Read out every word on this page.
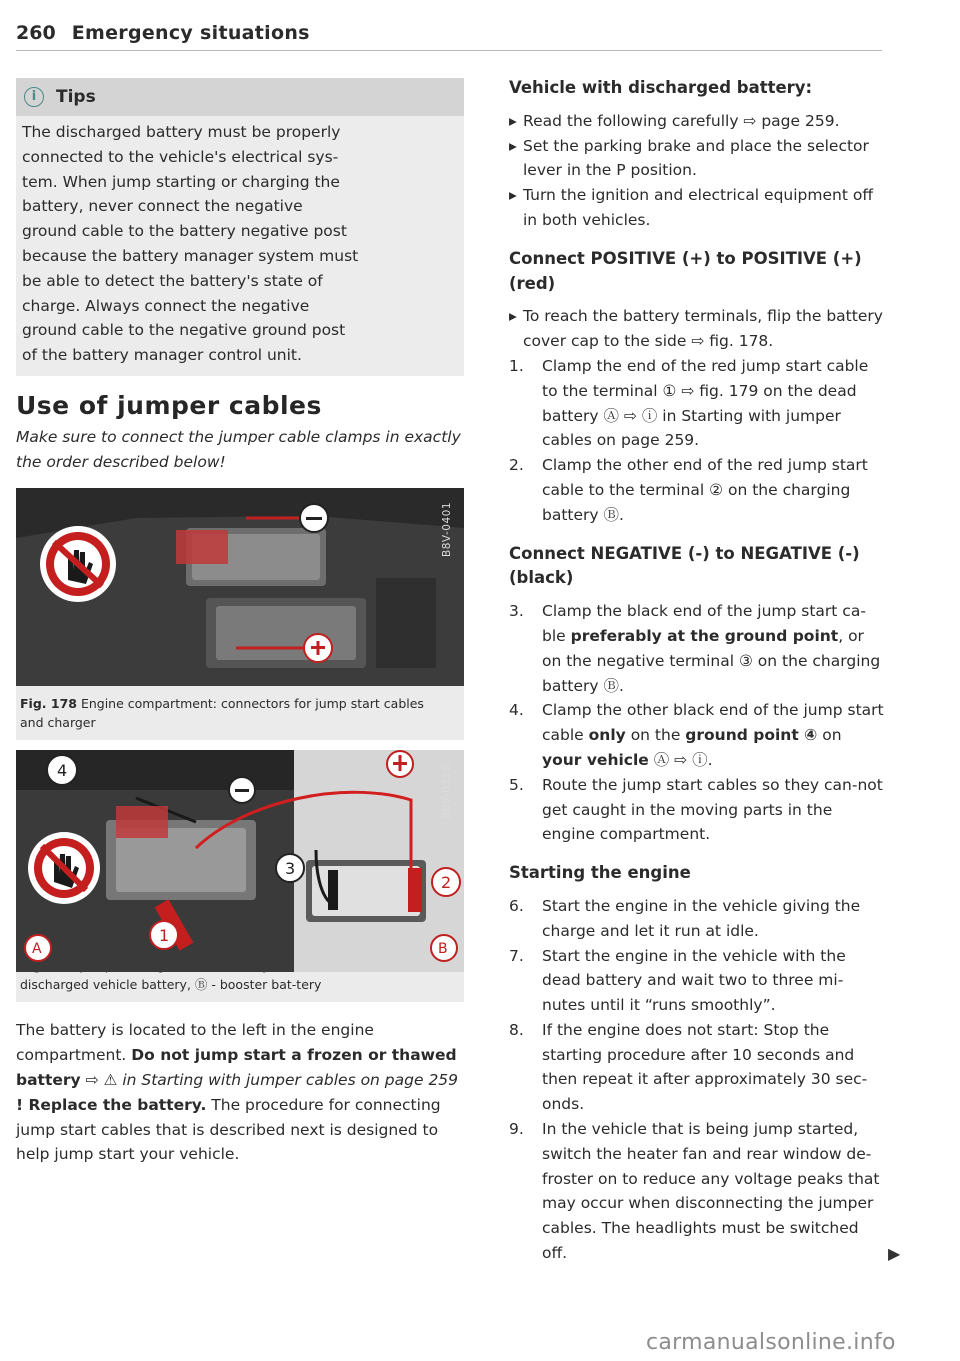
260 Emergency situations
i	Tips
The discharged battery must be properly
connected to the vehicle's electrical sys-
tem. When jump starting or charging the
battery, never connect the negative
ground cable to the battery negative post
because the battery manager system must
be able to detect the battery's state of
charge. Always connect the negative
ground cable to the negative ground post
of the battery manager control unit.
Use of jumper cables

Make sure to connect the jumper cable clamps in exactly the order described below!

B8V-0401
Fig. 178 Engine compartment: connectors for jump start cables and charger
3
2
4
1
A	B
B8V-0118
discharged vehicle battery, Ⓑ - booster bat-tery
The battery is located to the left in the engine compartment. Do not jump start a frozen or thawed battery ⇨ ⚠ in Starting with jumper cables on page 259 ! Replace the battery. The procedure for connecting jump start cables that is described next is designed to help jump start your vehicle.
Vehicle with discharged battery:
▸ Read the following carefully ⇨ page 259.
▸ Set the parking brake and place the selector lever in the P position.
▸ Turn the ignition and electrical equipment off in both vehicles.
Connect POSITIVE (+) to POSITIVE (+) (red)
▸ To reach the battery terminals, flip the battery cover cap to the side ⇨ fig. 178.
1.	Clamp the end of the red jump start cable to the terminal ① ⇨ fig. 179 on the dead battery Ⓐ ⇨ ⓘ in Starting with jumper cables on page 259.
2.	Clamp the other end of the red jump start cable to the terminal ② on the charging battery Ⓑ.
Connect NEGATIVE (-) to NEGATIVE (-) (black)
3.	Clamp the black end of the jump start ca-ble preferably at the ground point, or on the negative terminal ③ on the charging battery Ⓑ.
4.	Clamp the other black end of the jump start cable only on the ground point ④ on your vehicle Ⓐ ⇨ ⓘ.
5.	Route the jump start cables so they can-not get caught in the moving parts in the engine compartment.
Starting the engine
6.	Start the engine in the vehicle giving the charge and let it run at idle.
7.	Start the engine in the vehicle with the dead battery and wait two to three mi-nutes until it “runs smoothly”.
8.	If the engine does not start: Stop the starting procedure after 10 seconds and then repeat it after approximately 30 sec-onds.
9.	In the vehicle that is being jump started, switch the heater fan and rear window de-froster on to reduce any voltage peaks that may occur when disconnecting the jumper cables. The headlights must be switched off.	▶
carmanualsonline.info
